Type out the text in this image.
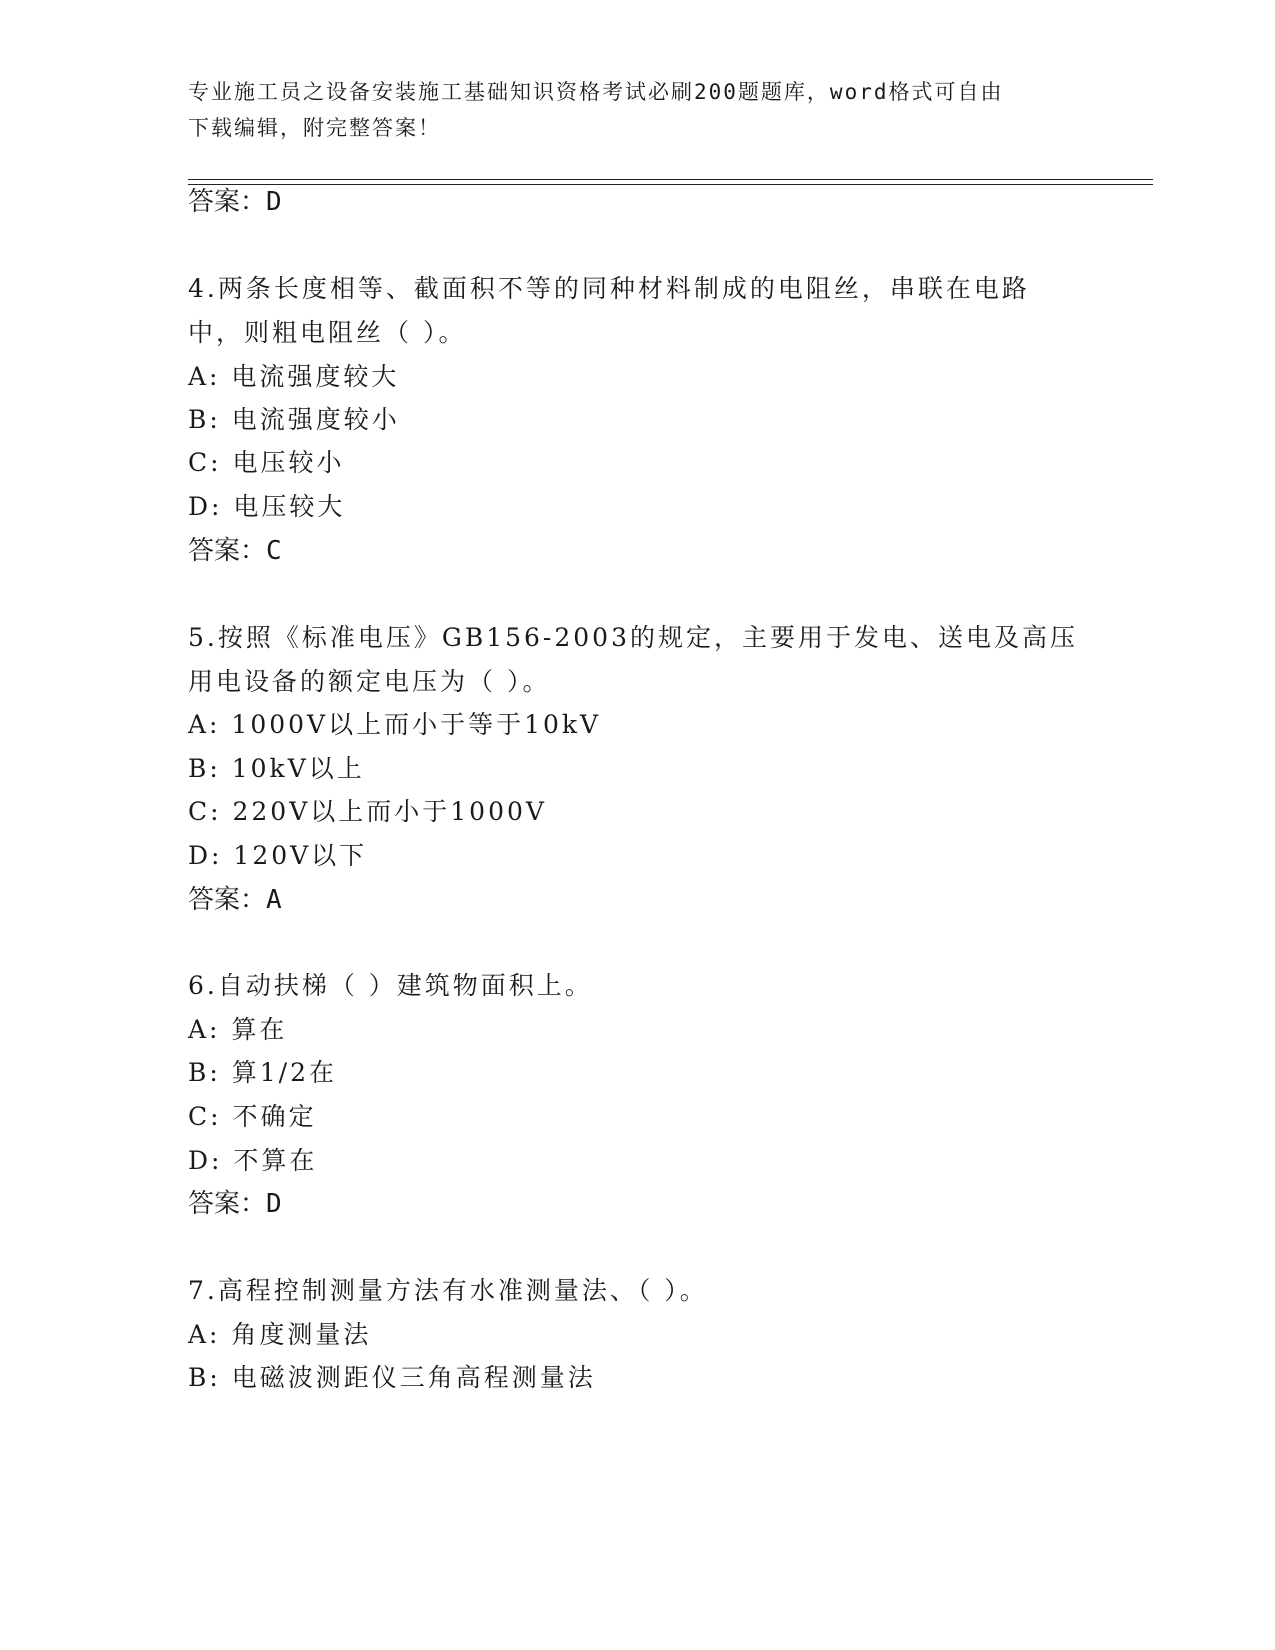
专业施工员之设备安装施工基础知识资格考试必刷200题题库，word格式可自由
下载编辑，附完整答案！
答案：D
4.两条长度相等、截面积不等的同种材料制成的电阻丝，串联在电路
中，则粗电阻丝（ ）。
A: 电流强度较大
B: 电流强度较小
C: 电压较小
D: 电压较大
答案：C
5.按照《标准电压》GB156-2003的规定，主要用于发电、送电及高压
用电设备的额定电压为（ ）。
A: 1000V以上而小于等于10kV
B: 10kV以上
C: 220V以上而小于1000V
D: 120V以下
答案：A
6.自动扶梯（ ）建筑物面积上。
A: 算在
B: 算1/2在
C: 不确定
D: 不算在
答案：D
7.高程控制测量方法有水准测量法、（ ）。
A: 角度测量法
B: 电磁波测距仪三角高程测量法
